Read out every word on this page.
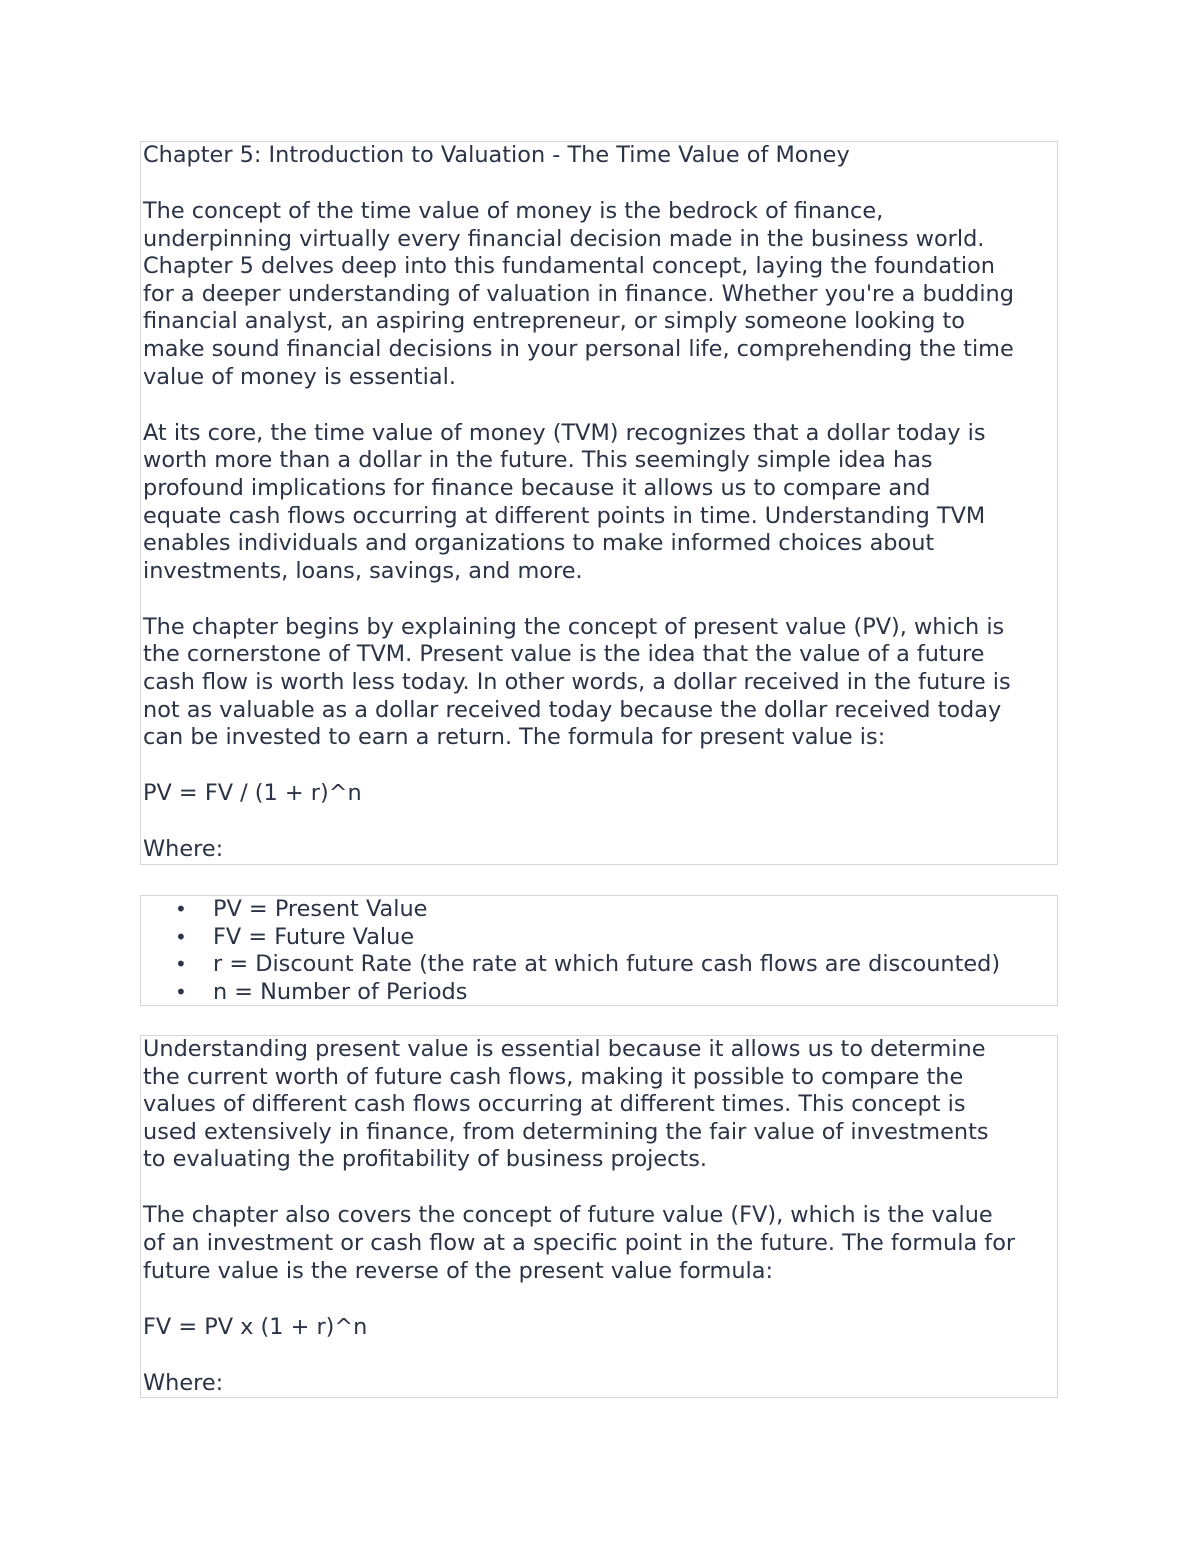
Chapter 5: Introduction to Valuation - The Time Value of Money

The concept of the time value of money is the bedrock of finance,
underpinning virtually every financial decision made in the business world.
Chapter 5 delves deep into this fundamental concept, laying the foundation
for a deeper understanding of valuation in finance. Whether you're a budding
financial analyst, an aspiring entrepreneur, or simply someone looking to
make sound financial decisions in your personal life, comprehending the time
value of money is essential.

At its core, the time value of money (TVM) recognizes that a dollar today is
worth more than a dollar in the future. This seemingly simple idea has
profound implications for finance because it allows us to compare and
equate cash flows occurring at different points in time. Understanding TVM
enables individuals and organizations to make informed choices about
investments, loans, savings, and more.

The chapter begins by explaining the concept of present value (PV), which is
the cornerstone of TVM. Present value is the idea that the value of a future
cash flow is worth less today. In other words, a dollar received in the future is
not as valuable as a dollar received today because the dollar received today
can be invested to earn a return. The formula for present value is:

PV = FV / (1 + r)^n

Where:

• PV = Present Value
• FV = Future Value
• r = Discount Rate (the rate at which future cash flows are discounted)
• n = Number of Periods

Understanding present value is essential because it allows us to determine
the current worth of future cash flows, making it possible to compare the
values of different cash flows occurring at different times. This concept is
used extensively in finance, from determining the fair value of investments
to evaluating the profitability of business projects.

The chapter also covers the concept of future value (FV), which is the value
of an investment or cash flow at a specific point in the future. The formula for
future value is the reverse of the present value formula:

FV = PV x (1 + r)^n

Where:
